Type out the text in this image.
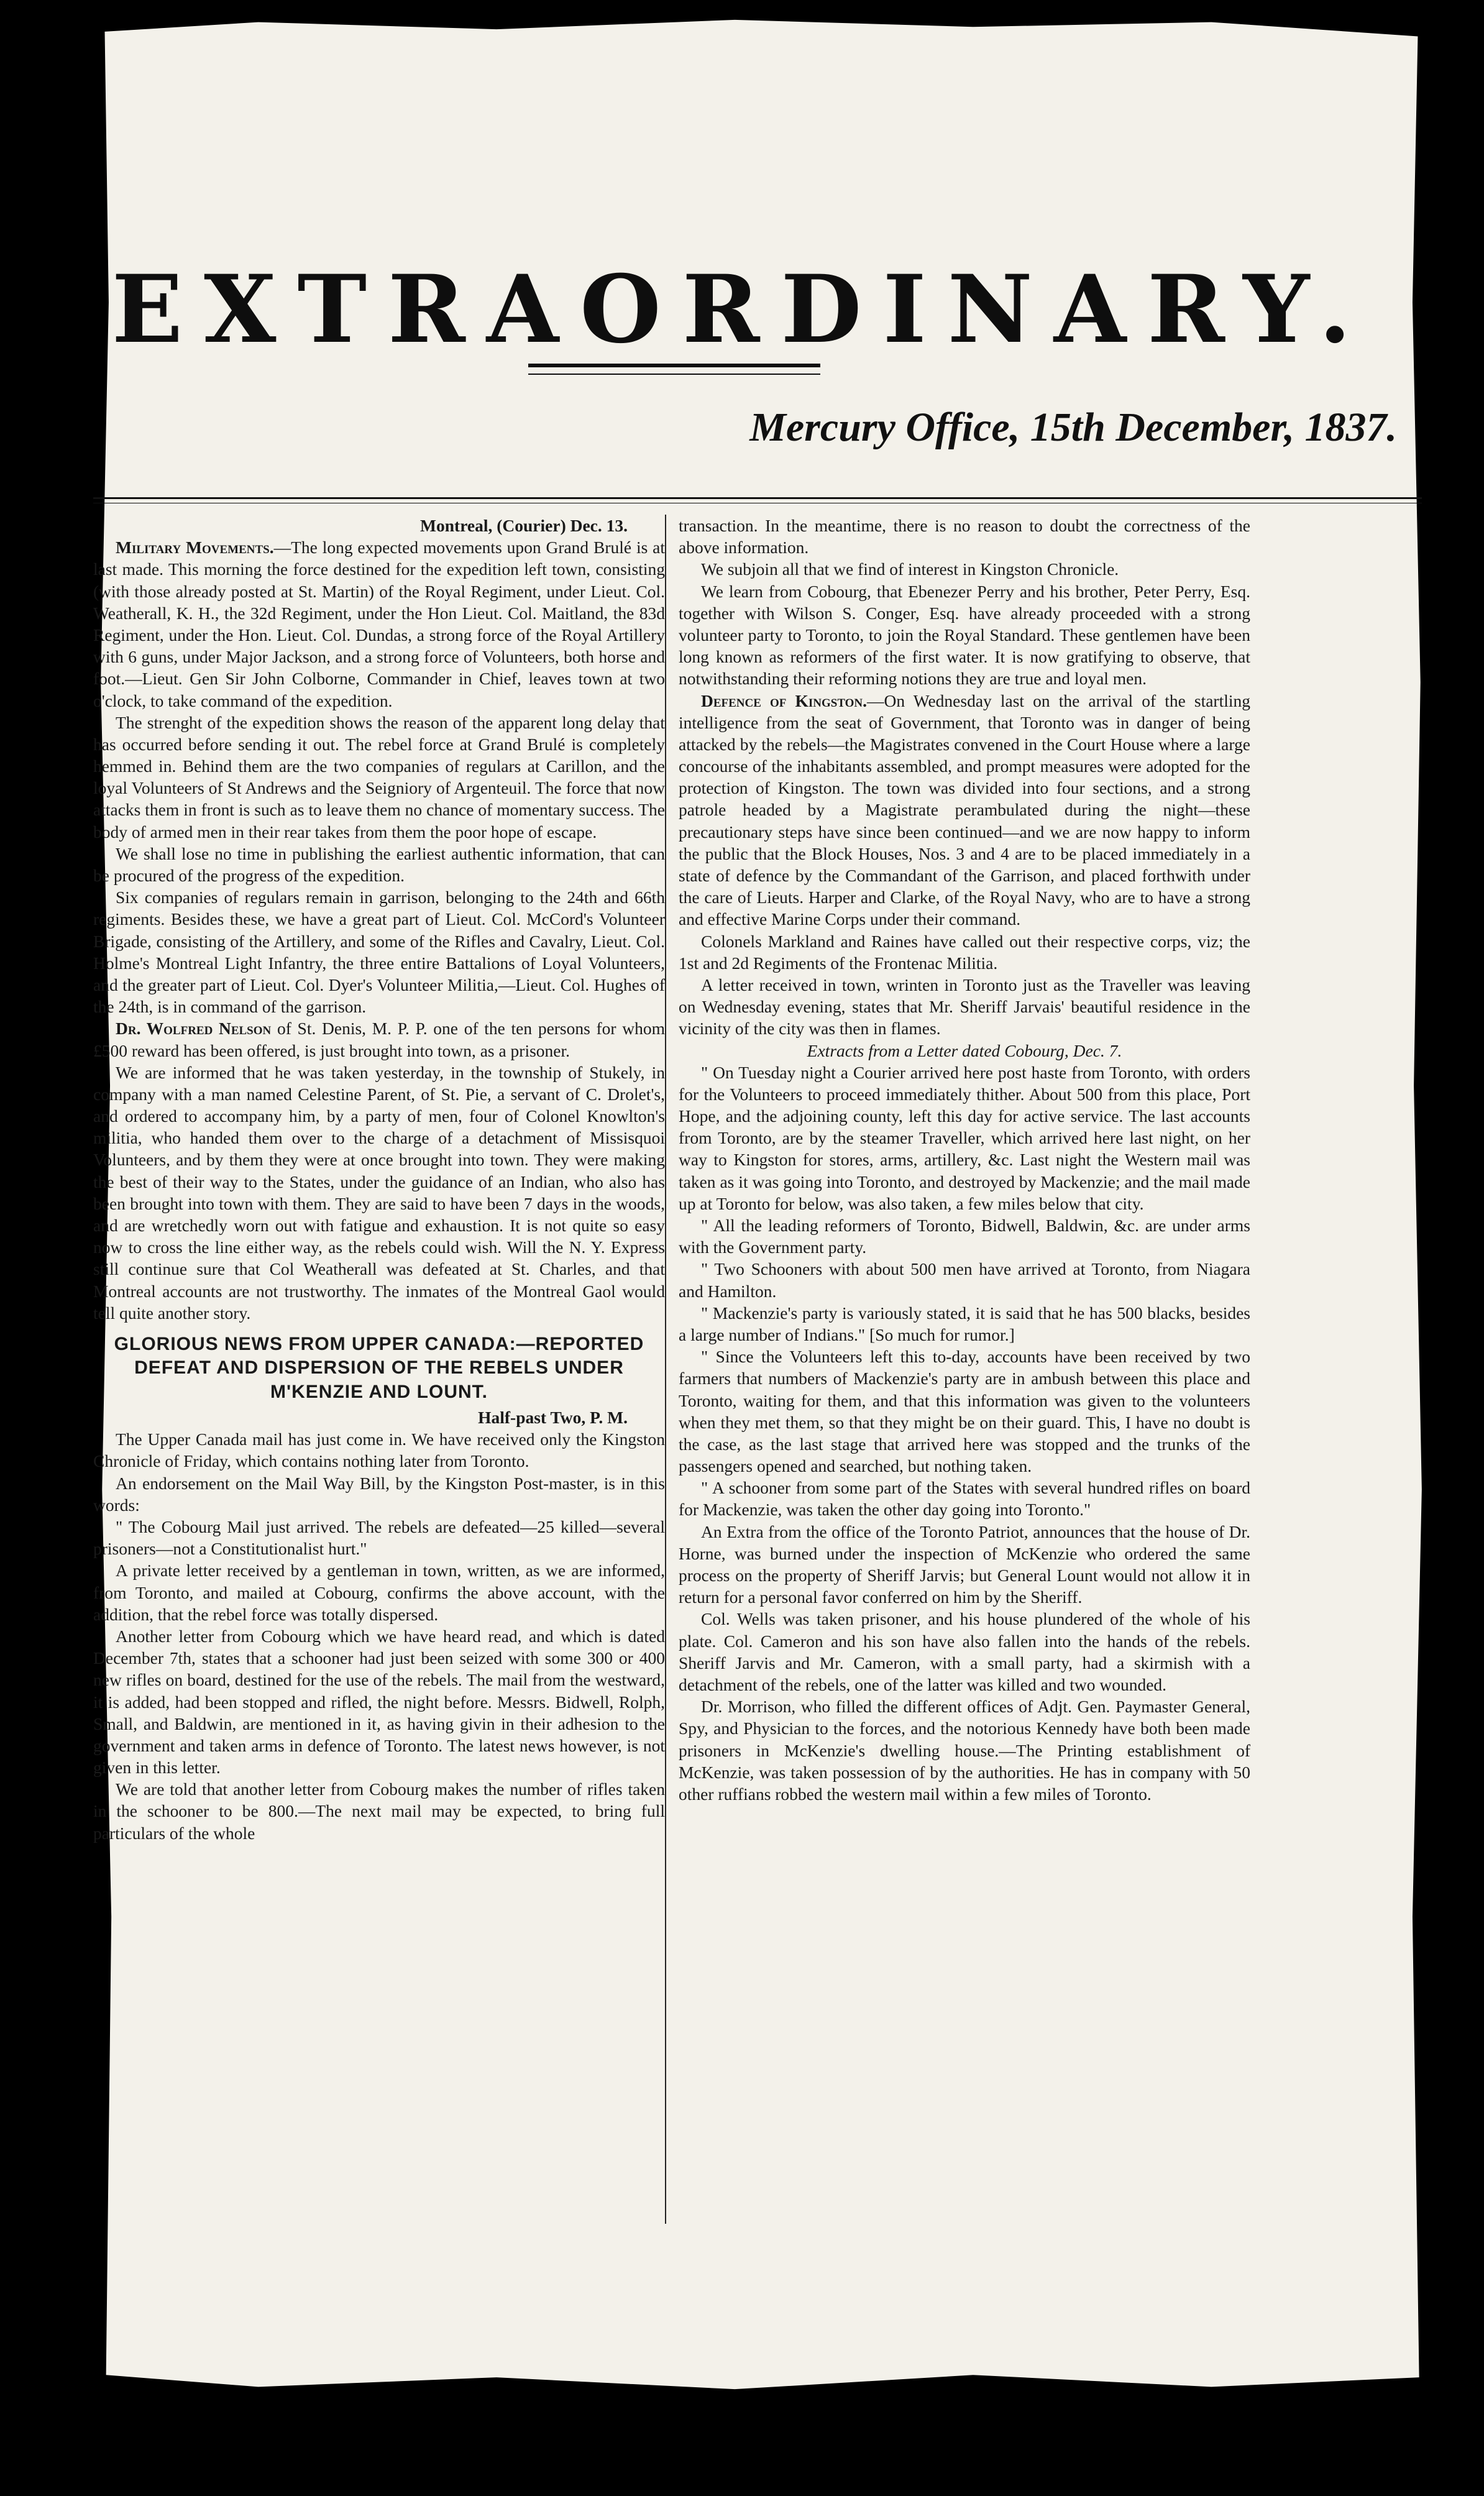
EXTRAORDINARY.
Mercury Office, 15th December, 1837.

Montreal, (Courier) Dec. 13.

Military Movements.—The long expected movements upon Grand Brulé is at last made. This morning the force destined for the expedition left town, consisting (with those already posted at St. Martin) of the Royal Regiment, under Lieut. Col. Weatherall, K. H., the 32d Regiment, under the Hon Lieut. Col. Maitland, the 83d Regiment, under the Hon. Lieut. Col. Dundas, a strong force of the Royal Artillery with 6 guns, under Major Jackson, and a strong force of Volunteers, both horse and foot.—Lieut. Gen Sir John Colborne, Commander in Chief, leaves town at two o'clock, to take command of the expedition.

The strenght of the expedition shows the reason of the apparent long delay that has occurred before sending it out. The rebel force at Grand Brulé is completely hemmed in. Behind them are the two companies of regulars at Carillon, and the loyal Volunteers of St Andrews and the Seigniory of Argenteuil. The force that now attacks them in front is such as to leave them no chance of momentary success. The body of armed men in their rear takes from them the poor hope of escape.

We shall lose no time in publishing the earliest authentic information, that can be procured of the progress of the expedition.

Six companies of regulars remain in garrison, belonging to the 24th and 66th regiments. Besides these, we have a great part of Lieut. Col. McCord's Volunteer Brigade, consisting of the Artillery, and some of the Rifles and Cavalry, Lieut. Col. Holme's Montreal Light Infantry, the three entire Battalions of Loyal Volunteers, and the greater part of Lieut. Col. Dyer's Volunteer Militia,—Lieut. Col. Hughes of the 24th, is in command of the garrison.

Dr. Wolfred Nelson of St. Denis, M. P. P. one of the ten persons for whom £500 reward has been offered, is just brought into town, as a prisoner.

We are informed that he was taken yesterday, in the township of Stukely, in company with a man named Celestine Parent, of St. Pie, a servant of C. Drolet's, and ordered to accompany him, by a party of men, four of Colonel Knowlton's militia, who handed them over to the charge of a detachment of Missisquoi Volunteers, and by them they were at once brought into town. They were making the best of their way to the States, under the guidance of an Indian, who also has been brought into town with them. They are said to have been 7 days in the woods, and are wretchedly worn out with fatigue and exhaustion. It is not quite so easy now to cross the line either way, as the rebels could wish. Will the N. Y. Express still continue sure that Col Weatherall was defeated at St. Charles, and that Montreal accounts are not trustworthy. The inmates of the Montreal Gaol would tell quite another story.

GLORIOUS NEWS FROM UPPER CANADA:—REPORTED DEFEAT AND DISPERSION OF THE REBELS UNDER M'KENZIE AND LOUNT.

Half-past Two, P. M.

The Upper Canada mail has just come in. We have received only the Kingston Chronicle of Friday, which contains nothing later from Toronto.

An endorsement on the Mail Way Bill, by the Kingston Post-master, is in this words:

" The Cobourg Mail just arrived. The rebels are defeated—25 killed—several prisoners—not a Constitutionalist hurt."

A private letter received by a gentleman in town, written, as we are informed, from Toronto, and mailed at Cobourg, confirms the above account, with the addition, that the rebel force was totally dispersed.

Another letter from Cobourg which we have heard read, and which is dated December 7th, states that a schooner had just been seized with some 300 or 400 new rifles on board, destined for the use of the rebels. The mail from the westward, it is added, had been stopped and rifled, the night before. Messrs. Bidwell, Rolph, Small, and Baldwin, are mentioned in it, as having givin in their adhesion to the government and taken arms in defence of Toronto. The latest news however, is not given in this letter.

We are told that another letter from Cobourg makes the number of rifles taken in the schooner to be 800.—The next mail may be expected, to bring full particulars of the whole

transaction. In the meantime, there is no reason to doubt the correctness of the above information.

We subjoin all that we find of interest in Kingston Chronicle.

We learn from Cobourg, that Ebenezer Perry and his brother, Peter Perry, Esq. together with Wilson S. Conger, Esq. have already proceeded with a strong volunteer party to Toronto, to join the Royal Standard. These gentlemen have been long known as reformers of the first water. It is now gratifying to observe, that notwithstanding their reforming notions they are true and loyal men.

Defence of Kingston.—On Wednesday last on the arrival of the startling intelligence from the seat of Government, that Toronto was in danger of being attacked by the rebels—the Magistrates convened in the Court House where a large concourse of the inhabitants assembled, and prompt measures were adopted for the protection of Kingston. The town was divided into four sections, and a strong patrole headed by a Magistrate perambulated during the night—these precautionary steps have since been continued—and we are now happy to inform the public that the Block Houses, Nos. 3 and 4 are to be placed immediately in a state of defence by the Commandant of the Garrison, and placed forthwith under the care of Lieuts. Harper and Clarke, of the Royal Navy, who are to have a strong and effective Marine Corps under their command.

Colonels Markland and Raines have called out their respective corps, viz; the 1st and 2d Regiments of the Frontenac Militia.

A letter received in town, wrinten in Toronto just as the Traveller was leaving on Wednesday evening, states that Mr. Sheriff Jarvais' beautiful residence in the vicinity of the city was then in flames.

Extracts from a Letter dated Cobourg, Dec. 7.

" On Tuesday night a Courier arrived here post haste from Toronto, with orders for the Volunteers to proceed immediately thither. About 500 from this place, Port Hope, and the adjoining county, left this day for active service. The last accounts from Toronto, are by the steamer Traveller, which arrived here last night, on her way to Kingston for stores, arms, artillery, &c. Last night the Western mail was taken as it was going into Toronto, and destroyed by Mackenzie; and the mail made up at Toronto for below, was also taken, a few miles below that city.

" All the leading reformers of Toronto, Bidwell, Baldwin, &c. are under arms with the Government party.

" Two Schooners with about 500 men have arrived at Toronto, from Niagara and Hamilton.

" Mackenzie's party is variously stated, it is said that he has 500 blacks, besides a large number of Indians." [So much for rumor.]

" Since the Volunteers left this to-day, accounts have been received by two farmers that numbers of Mackenzie's party are in ambush between this place and Toronto, waiting for them, and that this information was given to the volunteers when they met them, so that they might be on their guard. This, I have no doubt is the case, as the last stage that arrived here was stopped and the trunks of the passengers opened and searched, but nothing taken.

" A schooner from some part of the States with several hundred rifles on board for Mackenzie, was taken the other day going into Toronto."

An Extra from the office of the Toronto Patriot, announces that the house of Dr. Horne, was burned under the inspection of McKenzie who ordered the same process on the property of Sheriff Jarvis; but General Lount would not allow it in return for a personal favor conferred on him by the Sheriff.

Col. Wells was taken prisoner, and his house plundered of the whole of his plate. Col. Cameron and his son have also fallen into the hands of the rebels. Sheriff Jarvis and Mr. Cameron, with a small party, had a skirmish with a detachment of the rebels, one of the latter was killed and two wounded.

Dr. Morrison, who filled the different offices of Adjt. Gen. Paymaster General, Spy, and Physician to the forces, and the notorious Kennedy have both been made prisoners in McKenzie's dwelling house.—The Printing establishment of McKenzie, was taken possession of by the authorities. He has in company with 50 other ruffians robbed the western mail within a few miles of Toronto.
